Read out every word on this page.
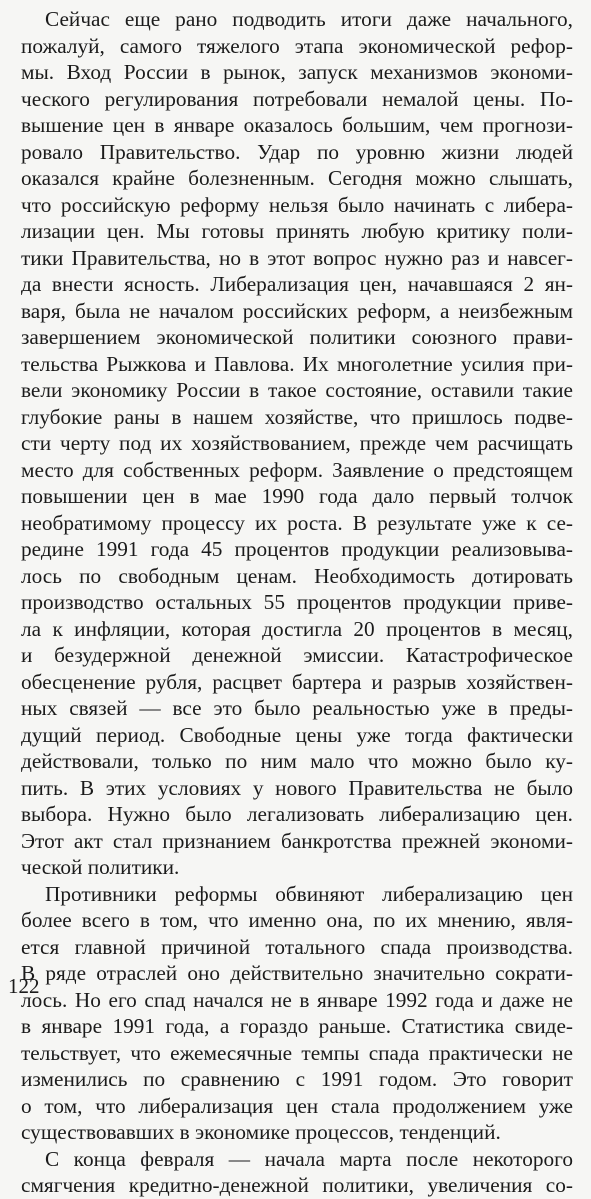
Сейчас еще рано подводить итоги даже начального,
пожалуй, самого тяжелого этапа экономической рефор-
мы. Вход России в рынок, запуск механизмов экономи-
ческого регулирования потребовали немалой цены. По-
вышение цен в январе оказалось большим, чем прогнози-
ровало Правительство. Удар по уровню жизни людей
оказался крайне болезненным. Сегодня можно слышать,
что российскую реформу нельзя было начинать с либера-
лизации цен. Мы готовы принять любую критику поли-
тики Правительства, но в этот вопрос нужно раз и навсег-
да внести ясность. Либерализация цен, начавшаяся 2 ян-
варя, была не началом российских реформ, а неизбежным
завершением экономической политики союзного прави-
тельства Рыжкова и Павлова. Их многолетние усилия при-
вели экономику России в такое состояние, оставили такие
глубокие раны в нашем хозяйстве, что пришлось подве-
сти черту под их хозяйствованием, прежде чем расчищать
место для собственных реформ. Заявление о предстоящем
повышении цен в мае 1990 года дало первый толчок
необратимому процессу их роста. В результате уже к се-
редине 1991 года 45 процентов продукции реализовыва-
лось по свободным ценам. Необходимость дотировать
производство остальных 55 процентов продукции приве-
ла к инфляции, которая достигла 20 процентов в месяц,
и безудержной денежной эмиссии. Катастрофическое
обесценение рубля, расцвет бартера и разрыв хозяйствен-
ных связей — все это было реальностью уже в преды-
дущий период. Свободные цены уже тогда фактически
действовали, только по ним мало что можно было ку-
пить. В этих условиях у нового Правительства не было
выбора. Нужно было легализовать либерализацию цен.
Этот акт стал признанием банкротства прежней экономи-
ческой политики.
Противники реформы обвиняют либерализацию цен
более всего в том, что именно она, по их мнению, явля-
ется главной причиной тотального спада производства.
В ряде отраслей оно действительно значительно сократи-
лось. Но его спад начался не в январе 1992 года и даже не
в январе 1991 года, а гораздо раньше. Статистика свиде-
тельствует, что ежемесячные темпы спада практически не
изменились по сравнению с 1991 годом. Это говорит
о том, что либерализация цен стала продолжением уже
существовавших в экономике процессов, тенденций.
С конца февраля — начала марта после некоторого
смягчения кредитно-денежной политики, увеличения со-
122
